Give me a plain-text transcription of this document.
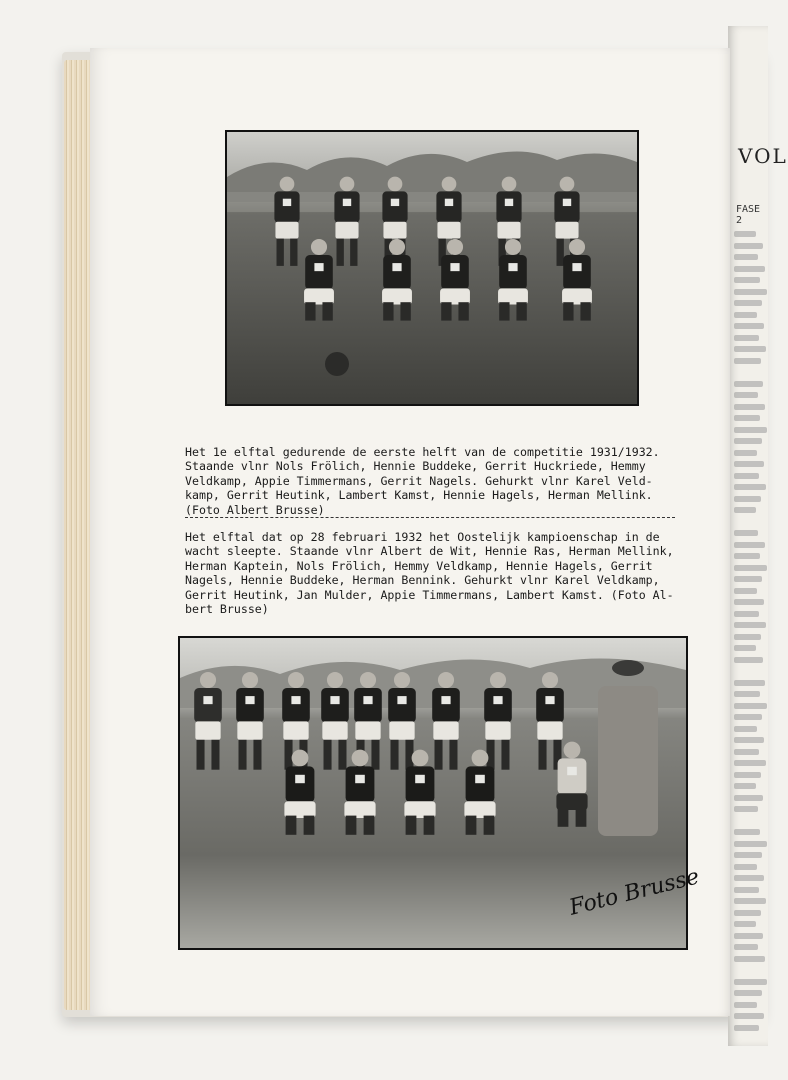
VOL
FASE 2
Het 1e elftal gedurende de eerste helft van de competitie 1931/1932.
Staande vlnr Nols Frölich, Hennie Buddeke, Gerrit Huckriede, Hemmy
Veldkamp, Appie Timmermans, Gerrit Nagels. Gehurkt vlnr Karel Veld-
kamp, Gerrit Heutink, Lambert Kamst, Hennie Hagels, Herman Mellink.
(Foto Albert Brusse)
Het elftal dat op 28 februari 1932 het Oostelijk kampioenschap in de
wacht sleepte. Staande vlnr Albert de Wit, Hennie Ras, Herman Mellink,
Herman Kaptein, Nols Frölich, Hemmy Veldkamp, Hennie Hagels, Gerrit
Nagels, Hennie Buddeke, Herman Bennink. Gehurkt vlnr Karel Veldkamp,
Gerrit Heutink, Jan Mulder, Appie Timmermans, Lambert Kamst. (Foto Al-
bert Brusse)
Foto Brusse
